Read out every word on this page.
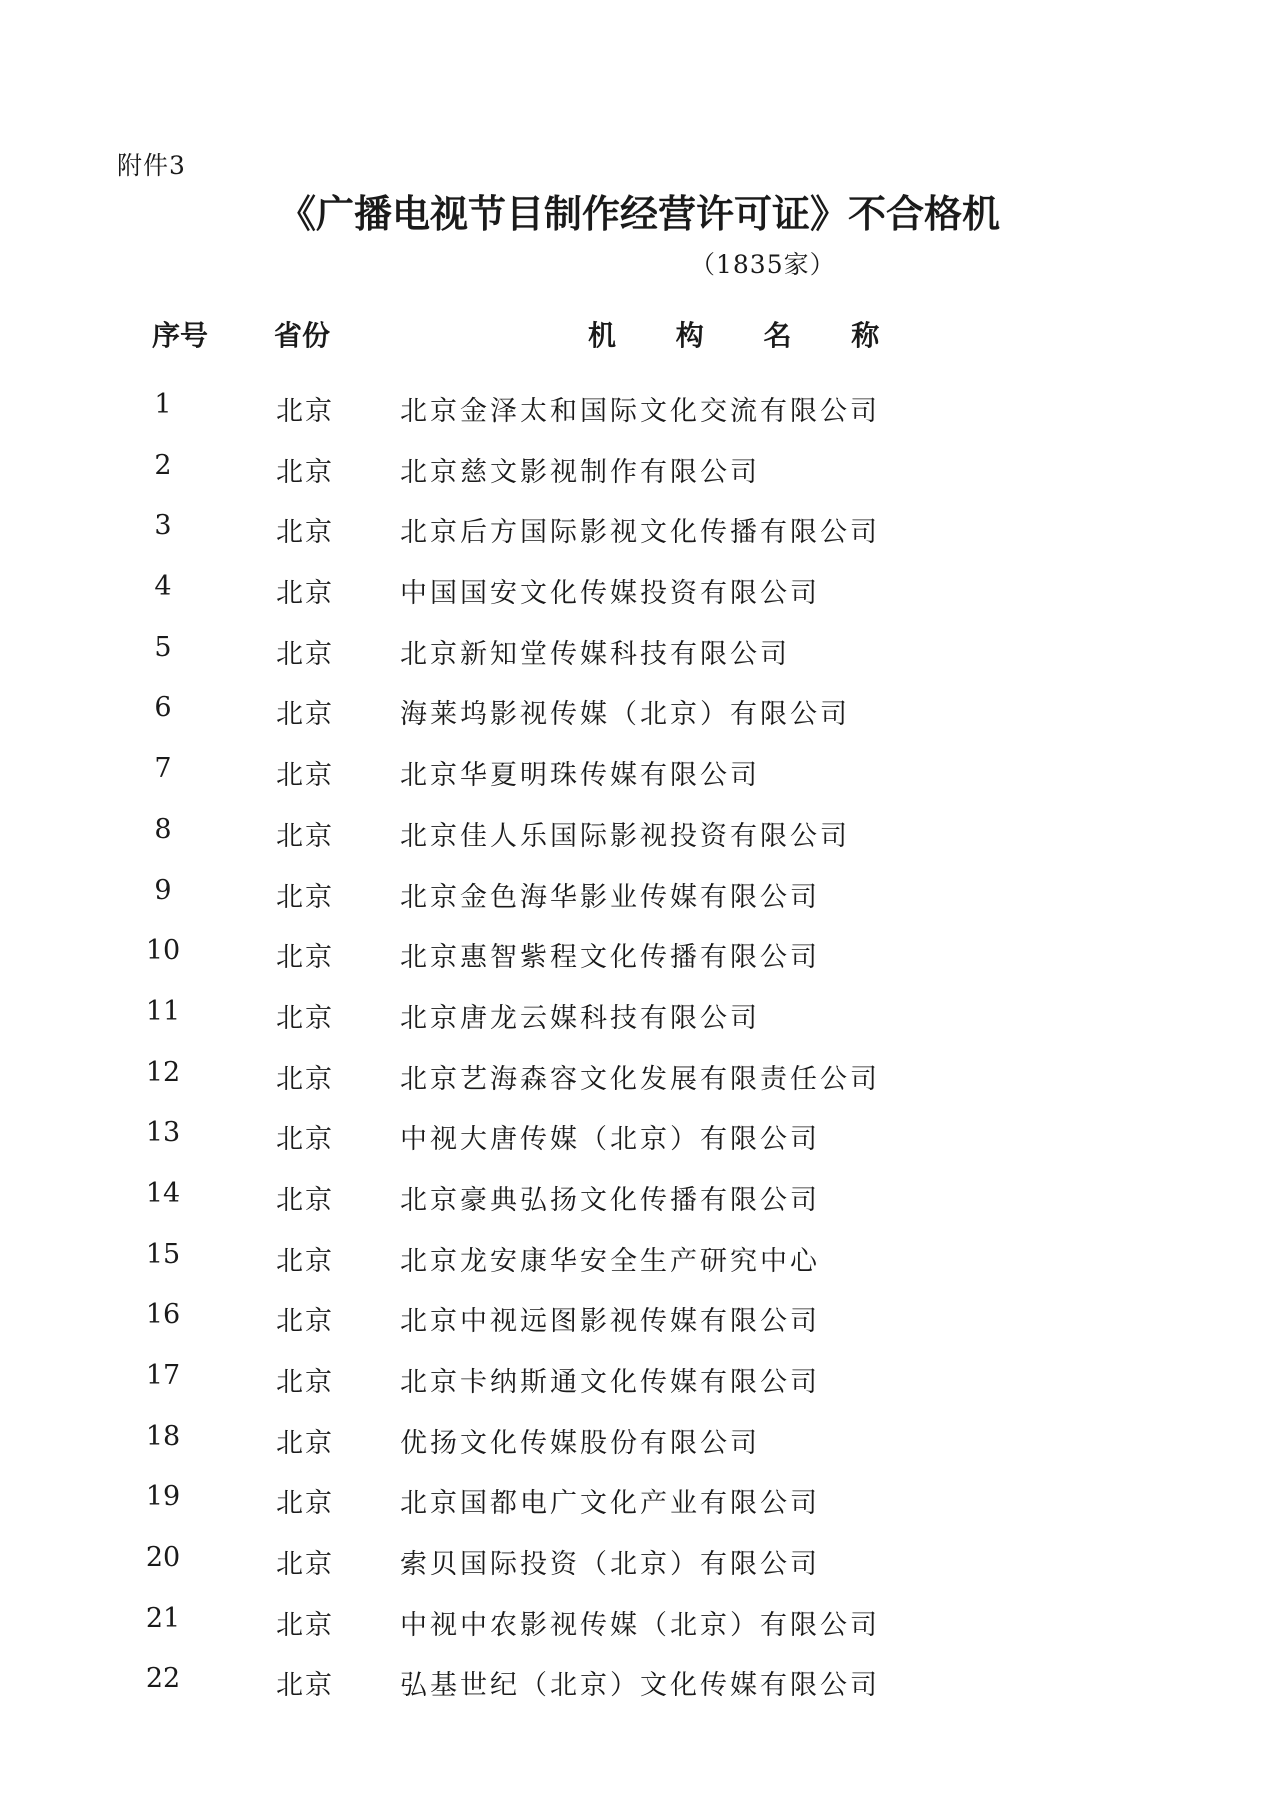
附件3
《广播电视节目制作经营许可证》不合格机
（1835家）
序号	省份	机 构 名 称
1	北京 北京金泽太和国际文化交流有限公司
2	北京 北京慈文影视制作有限公司
3	北京 北京后方国际影视文化传播有限公司
4	北京 中国国安文化传媒投资有限公司
5	北京 北京新知堂传媒科技有限公司
6	北京 海莱坞影视传媒（北京）有限公司
7	北京 北京华夏明珠传媒有限公司
8	北京 北京佳人乐国际影视投资有限公司
9	北京 北京金色海华影业传媒有限公司
10	北京 北京惠智紫程文化传播有限公司
11	北京 北京唐龙云媒科技有限公司
12	北京 北京艺海森容文化发展有限责任公司
13	北京 中视大唐传媒（北京）有限公司
14	北京 北京豪典弘扬文化传播有限公司
15	北京 北京龙安康华安全生产研究中心
16	北京 北京中视远图影视传媒有限公司
17	北京 北京卡纳斯通文化传媒有限公司
18	北京 优扬文化传媒股份有限公司
19	北京 北京国都电广文化产业有限公司
20	北京 索贝国际投资（北京）有限公司
21	北京 中视中农影视传媒（北京）有限公司
22	北京 弘基世纪（北京）文化传媒有限公司
